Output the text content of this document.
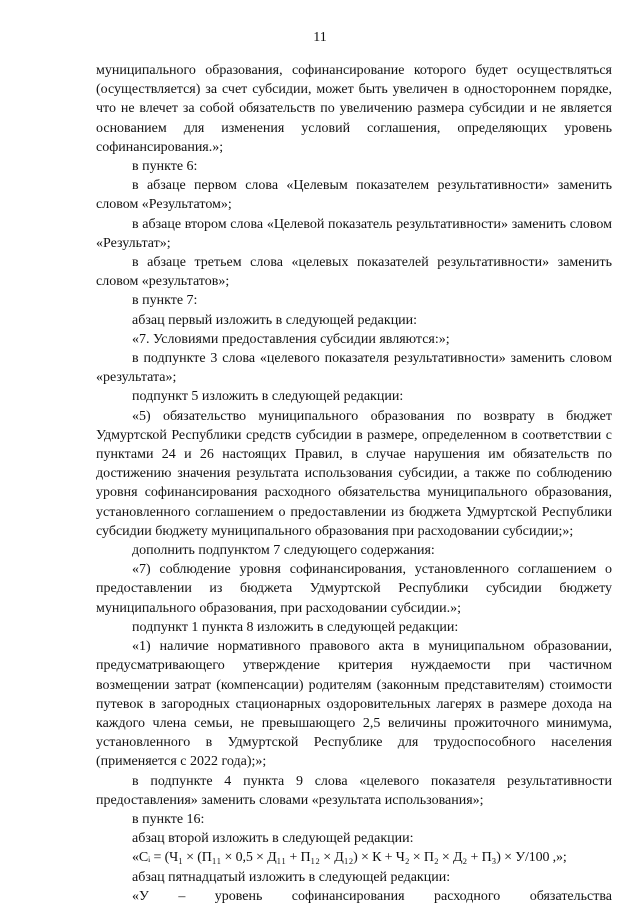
11

муниципального образования, софинансирование которого будет осуществляться (осуществляется) за счет субсидии, может быть увеличен в одностороннем порядке, что не влечет за собой обязательств по увеличению размера субсидии и не является основанием для изменения условий соглашения, определяющих уровень софинансирования.»;

в пункте 6:

в абзаце первом слова «Целевым показателем результативности» заменить словом «Результатом»;

в абзаце втором слова «Целевой показатель результативности» заменить словом «Результат»;

в абзаце третьем слова «целевых показателей результативности» заменить словом «результатов»;

в пункте 7:

абзац первый изложить в следующей редакции:

«7. Условиями предоставления субсидии являются:»;

в подпункте 3 слова «целевого показателя результативности» заменить словом «результата»;

подпункт 5 изложить в следующей редакции:

«5) обязательство муниципального образования по возврату в бюджет Удмуртской Республики средств субсидии в размере, определенном в соответствии с пунктами 24 и 26 настоящих Правил, в случае нарушения им обязательств по достижению значения результата использования субсидии, а также по соблюдению уровня софинансирования расходного обязательства муниципального образования, установленного соглашением о предоставлении из бюджета Удмуртской Республики субсидии бюджету муниципального образования при расходовании субсидии;»;

дополнить подпунктом 7 следующего содержания:

«7) соблюдение уровня софинансирования, установленного соглашением о предоставлении из бюджета Удмуртской Республики субсидии бюджету муниципального образования, при расходовании субсидии.»;

подпункт 1 пункта 8 изложить в следующей редакции:

«1) наличие нормативного правового акта в муниципальном образовании, предусматривающего утверждение критерия нуждаемости при частичном возмещении затрат (компенсации) родителям (законным представителям) стоимости путевок в загородных стационарных оздоровительных лагерях в размере дохода на каждого члена семьи, не превышающего 2,5 величины прожиточного минимума, установленного в Удмуртской Республике для трудоспособного населения (применяется с 2022 года);»;

в подпункте 4 пункта 9 слова «целевого показателя результативности предоставления» заменить словами «результата использования»;

в пункте 16:

абзац второй изложить в следующей редакции:

«Сᵢ = (Ч₁ × (П₁₁ × 0,5 × Д₁₁ + П₁₂ × Д₁₂) × К + Ч₂ × П₂ × Д₂ + П₃) × У/100 ,»;

абзац пятнадцатый изложить в следующей редакции:

«У – уровень софинансирования расходного обязательства
